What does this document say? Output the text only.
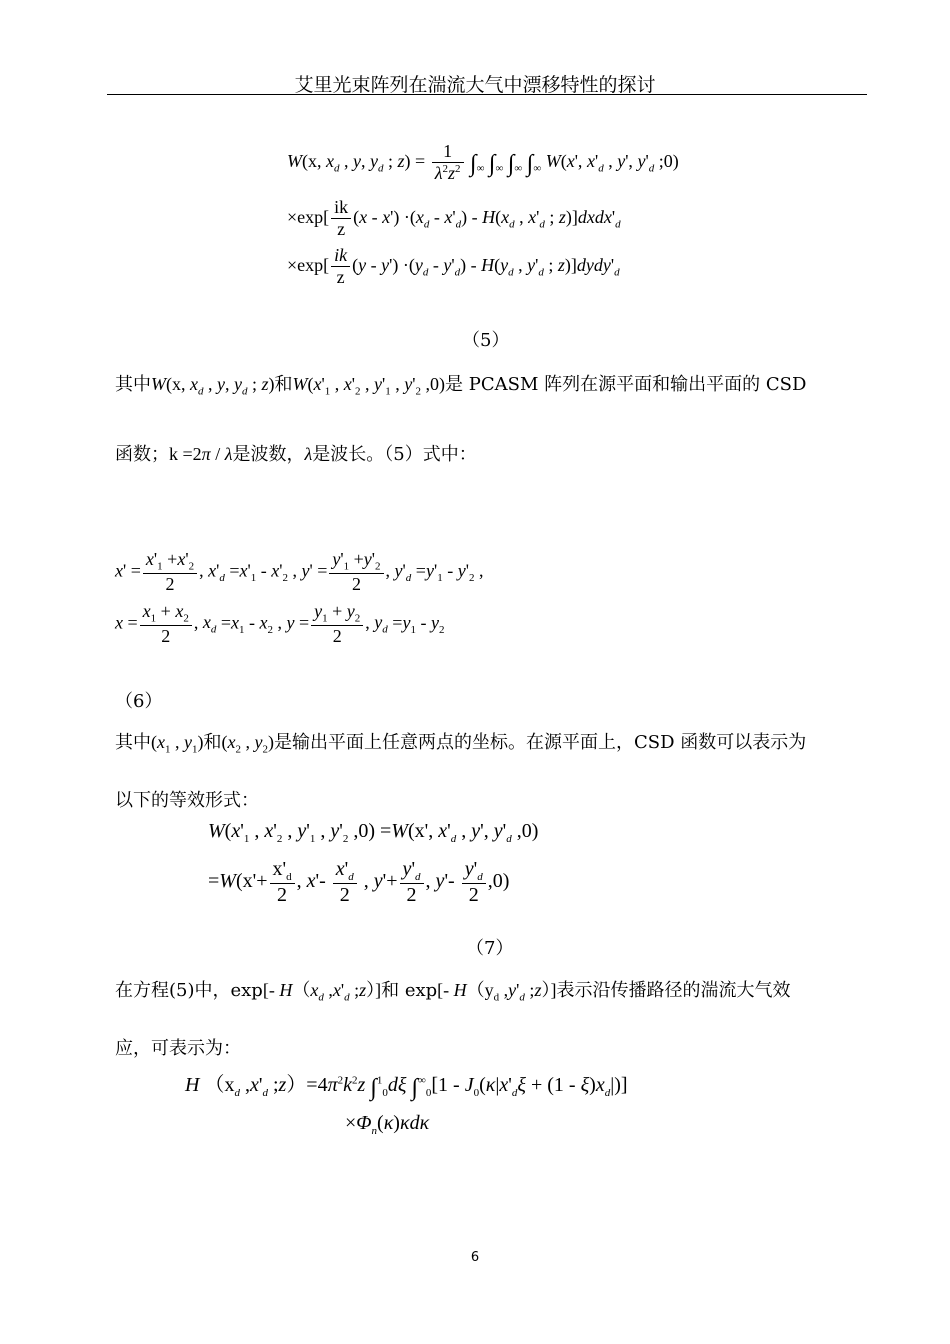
艾里光束阵列在湍流大气中漂移特性的探讨
W(x, $x_d$ , y, $y_d$ ; $z) = \frac{1}{\lambda^2z^2} \int_\infty$ $\int_\infty$ $\int_\infty$ $\int_\infty$ W(x', $x'_d$ , y', $y'_d$ ;0)
$\times\exp[ \frac{ik}{z} (x - x') \cdot(x_d - x'_d) - H(x_d$ , $x'_d$ ; $z)]dxdx'_d$
$\times\exp[ \frac{ik}{z} (y - y') \cdot(y_d - y'_d) - H(y_d$ , $y'_d$ ; $z)]dydy'_d$
（5）
其中W(x, $x_d$ , y, $y_d$ ; z)和$W(x'_1$ , $x'_2$ , $y'_1$ , $y'_2$ ,0)是 PCASM 阵列在源平面和输出平面的 CSD
函数；k =2π / λ是波数，λ是波长。（5）式中：
$x' = \frac{x'_1 +x'_2}{2}$ , $x'_d =x'_1 - x'_2$ , $y' = \frac{y'_1 +y'_2}{2}$ , $y'_d =y'_1 - y'_2$ ,
$x = \frac{x_1 + x_2}{2}$ , $x_d =x_1 - x_2$ , $y = \frac{y_1 + y_2}{2}$ , $y_d =y_1 - y_2$
（6）
其中($x_1$ , $y_1$)和($x_2$ , $y_2$)是输出平面上任意两点的坐标。在源平面上，CSD 函数可以表示为
以下的等效形式：
$W(x'_1$ , $x'_2$ , $y'_1$ , $y'_2$ ,0) =W(x', $x'_d$ , y', $y'_d$ ,0)
$=W(x'+ \frac{x'_d}{2}$ , $x'- \frac{x'_d}{2}$ , $y'+ \frac{y'_d}{2}$ , $y'- \frac{y'_d}{2} ,0$)
（7）
在方程(5)中，exp[- $H(x_d$ $,x'_d$ ;z）]和 exp[- $H(y_d$ $,y'_d$ ;z）]表示沿传播路径的湍流大气效
应，可表示为：
H （$x_d$ $,x'_d$ $;z)=4\pi^2k^2z$ ∫$^1_0$dξ $\int^\infty_0[1 - J_0(\kappa|x'_d\xi + (1 - \xi)x_d|)]$
$\times\Phi_n(\kappa)\kappa d\kappa$
6
